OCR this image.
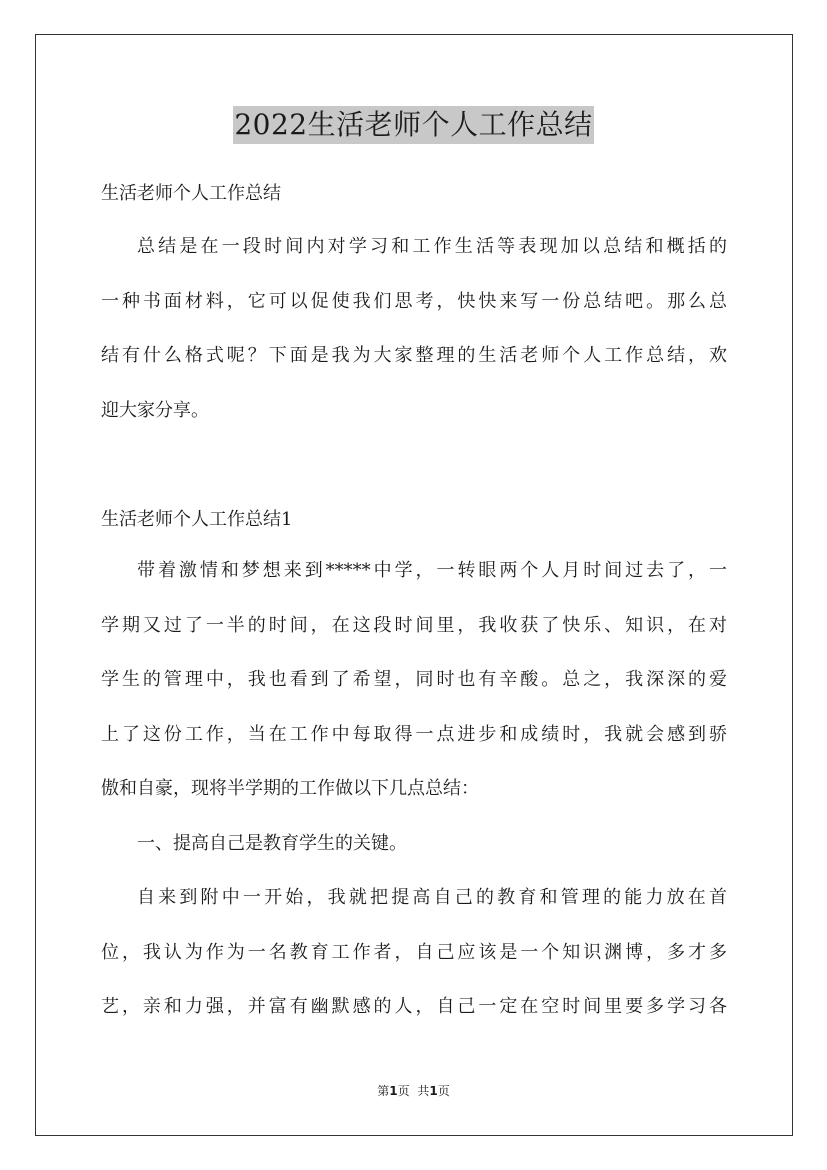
2022生活老师个人工作总结

生活老师个人工作总结

总结是在一段时间内对学习和工作生活等表现加以总结和概括的

一种书面材料，它可以促使我们思考，快快来写一份总结吧。那么总

结有什么格式呢？下面是我为大家整理的生活老师个人工作总结，欢

迎大家分享。

生活老师个人工作总结1

带着激情和梦想来到*****中学，一转眼两个人月时间过去了，一

学期又过了一半的时间，在这段时间里，我收获了快乐、知识，在对

学生的管理中，我也看到了希望，同时也有辛酸。总之，我深深的爱

上了这份工作，当在工作中每取得一点进步和成绩时，我就会感到骄

傲和自豪，现将半学期的工作做以下几点总结：

一、提高自己是教育学生的关键。

自来到附中一开始，我就把提高自己的教育和管理的能力放在首

位，我认为作为一名教育工作者，自己应该是一个知识渊博，多才多

艺，亲和力强，并富有幽默感的人，自己一定在空时间里要多学习各

第1页 共1页
